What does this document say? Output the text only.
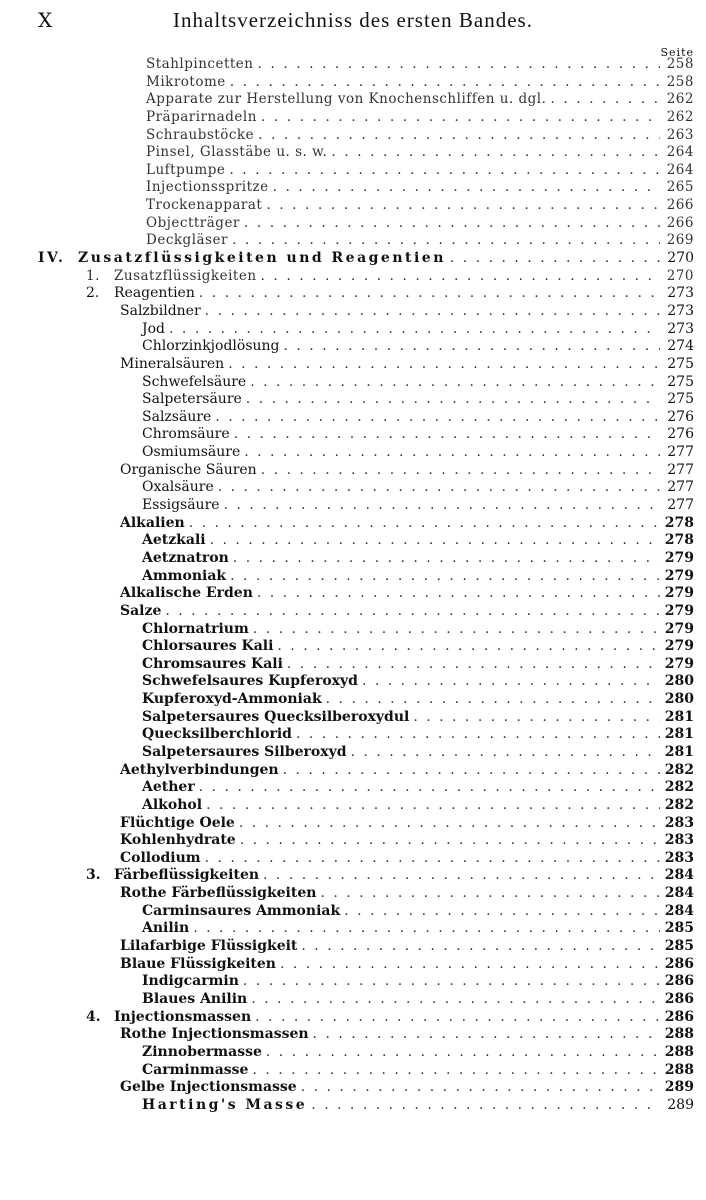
X	Inhaltsverzeichniss des ersten Bandes.
Seite
Stahlpincetten . . .	258
Mikrotome . . .	258
Apparate zur Herstellung von Knochenschliffen u. dgl. . . .	262
Präparirnadeln . . .	262
Schraubstöcke . . .	263
Pinsel, Glasstäbe u. s. w. . . .	264
Luftpumpe . . .	264
Injectionsspritze . . .	265
Trockenapparat . . .	266
Objectträger . . .	266
Deckgläser . . .	269
IV. Zusatzflüssigkeiten und Reagentien . . .	270
1. Zusatzflüssigkeiten . . .	270
2. Reagentien . . .	273
Salzbildner . . .	273
Jod . . .	273
Chlorzinkjodlösung . . .	274
Mineralsäuren . . .	275
Schwefelsäure . . .	275
Salpetersäure . . .	275
Salzsäure . . .	276
Chromsäure . . .	276
Osmiumsäure . . .	277
Organische Säuren . . .	277
Oxalsäure . . .	277
Essigsäure . . .	277
Alkalien . . .	278
Aetzkali . . .	278
Aetznatron . . .	279
Ammoniak . . .	279
Alkalische Erden . . .	279
Salze . . .	279
Chlornatrium . . .	279
Chlorsaures Kali . . .	279
Chromsaures Kali . . .	279
Schwefelsaures Kupferoxyd . . .	280
Kupferoxyd-Ammoniak . . .	280
Salpetersaures Quecksilberoxydul . . .	281
Quecksilberchlorid . . .	281
Salpetersaures Silberoxyd . . .	281
Aethylverbindungen . . .	282
Aether . . .	282
Alkohol . . .	282
Flüchtige Oele . . .	283
Kohlenhydrate . . .	283
Collodium . . .	283
3. Färbeflüssigkeiten . . .	284
Rothe Färbeflüssigkeiten . . .	284
Carminsaures Ammoniak . . .	284
Anilin . . .	285
Lilafarbige Flüssigkeit . . .	285
Blaue Flüssigkeiten . . .	286
Indigcarmin . . .	286
Blaues Anilin . . .	286
4. Injectionsmassen . . .	286
Rothe Injectionsmassen . . .	288
Zinnobermasse . . .	288
Carminmasse . . .	288
Gelbe Injectionsmasse . . .	289
Harting's Masse . . .	289
